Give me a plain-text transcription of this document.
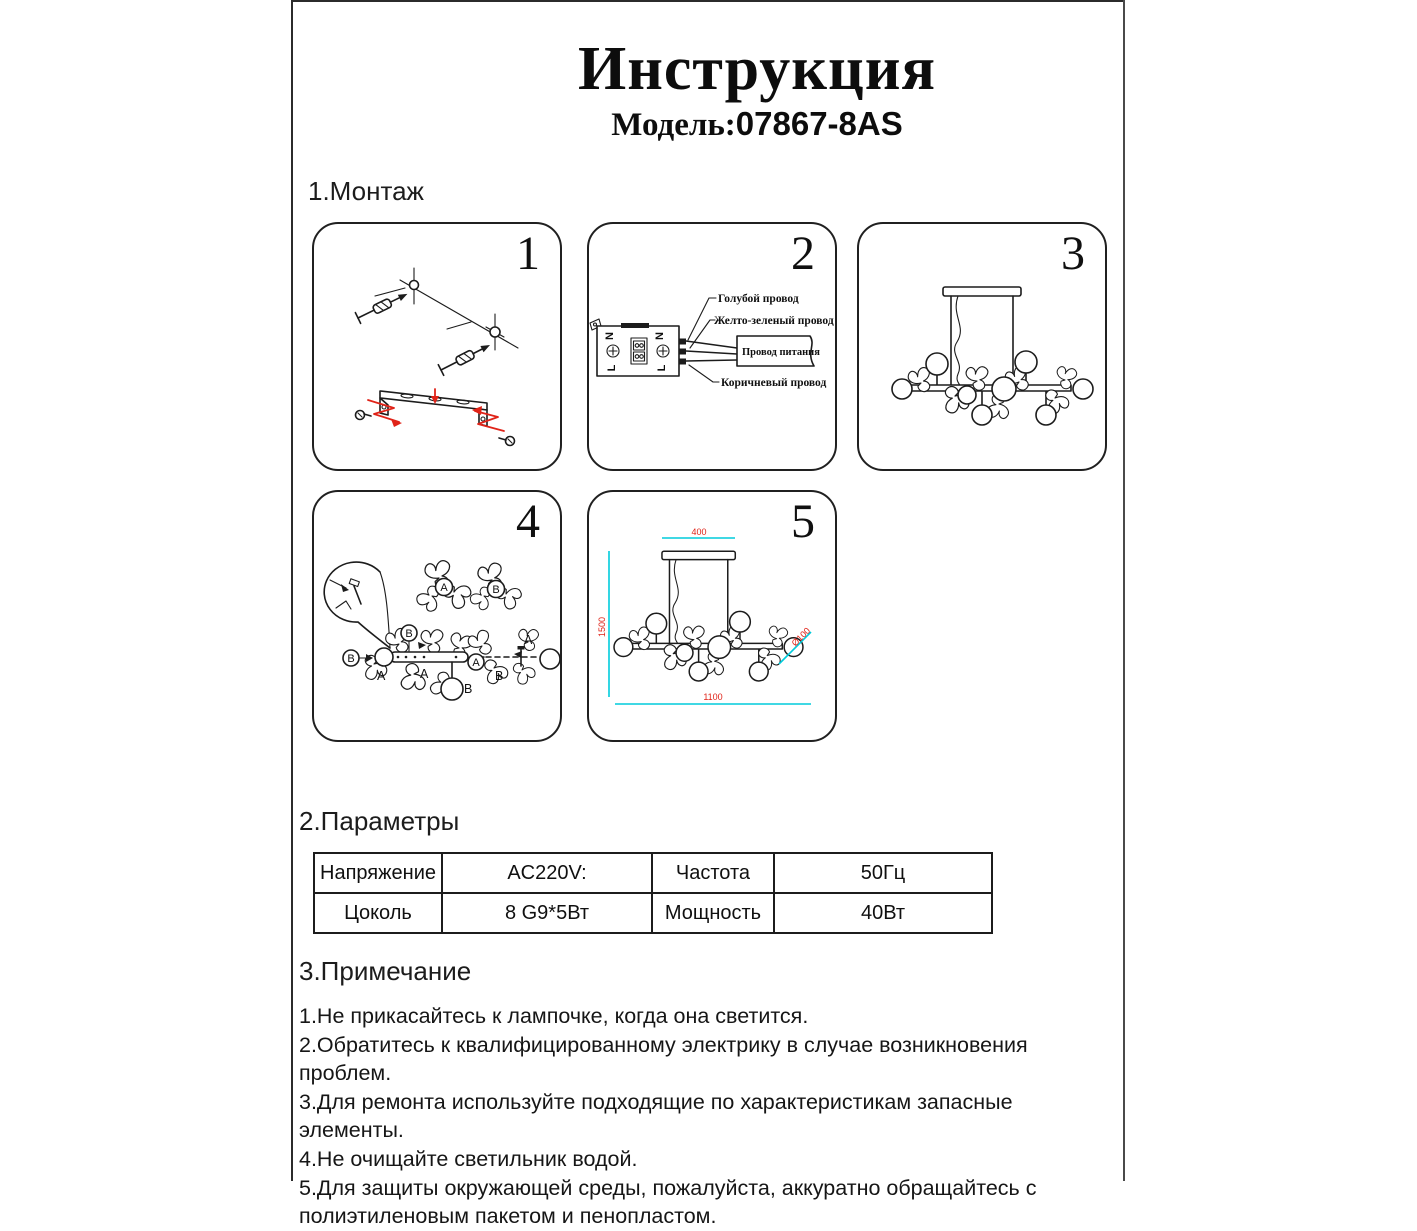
Инструкция
Модель:07867-8AS
1.Монтаж
1
N
L
N
L
Провод питания
Голубой провод
Желто-зеленый провод
Коричневый провод
2	3
A	B
B
B	A
A	A	B
B
A
4	400
1500
1100
Ø100
5
2.Параметры
Напряжение	AC220V:	Частота	50Гц
Цоколь	8 G9*5Вт	Мощность	40Вт
3.Примечание
1.Не прикасайтесь к лампочке, когда она светится.
2.Обратитесь к квалифицированному электрику в случае возникновения проблем.
3.Для ремонта используйте подходящие по характеристикам запасные элементы.
4.Не очищайте светильник водой.
5.Для защиты окружающей среды, пожалуйста, аккуратно обращайтесь с полиэтиленовым пакетом и пенопластом.
